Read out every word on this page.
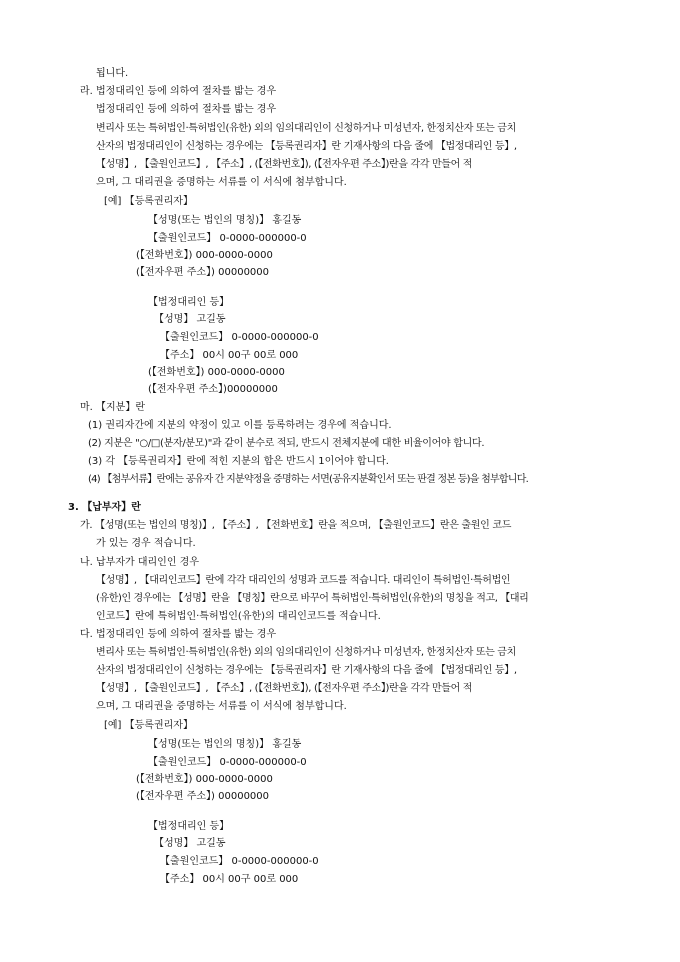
됩니다.
라. 법정대리인 등에 의하여 절차를 밟는 경우
법정대리인 등에 의하여 절차를 밟는 경우
변리사 또는 특허법인·특허법인(유한) 외의 임의대리인이 신청하거나 미성년자, 한정치산자 또는 금치
산자의 법정대리인이 신청하는 경우에는 【등록권리자】란 기재사항의 다음 줄에 【법정대리인 등】,
【성명】, 【출원인코드】, 【주소】, (【전화번호】), (【전자우편 주소】)란을 각각 만들어 적
으며, 그 대리권을 증명하는 서류를 이 서식에 첨부합니다.
[예] 【등록권리자】
【성명(또는 법인의 명칭)】 홍길동
【출원인코드】 0-0000-000000-0
(【전화번호】) 000-0000-0000
(【전자우편 주소】) 00000000
【법정대리인 등】
【성명】 고길동
【출원인코드】 0-0000-000000-0
【주소】 00시 00구 00로 000
(【전화번호】) 000-0000-0000
(【전자우편 주소】)00000000
마. 【지분】란
(1) 권리자간에 지분의 약정이 있고 이를 등록하려는 경우에 적습니다.
(2) 지분은 "○/□(분자/분모)"과 같이 분수로 적되, 반드시 전체지분에 대한 비율이어야 합니다.
(3) 각 【등록권리자】란에 적힌 지분의 합은 반드시 1이어야 합니다.
(4) 【첨부서류】란에는 공유자 간 지분약정을 증명하는 서면(공유지분확인서 또는 판결 정본 등)을 첨부합니다.
3. 【납부자】란
가. 【성명(또는 법인의 명칭)】, 【주소】, 【전화번호】란을 적으며, 【출원인코드】란은 출원인 코드
가 있는 경우 적습니다.
나. 납부자가 대리인인 경우
【성명】, 【대리인코드】란에 각각 대리인의 성명과 코드를 적습니다. 대리인이 특허법인·특허법인
(유한)인 경우에는 【성명】란을 【명칭】란으로 바꾸어 특허법인·특허법인(유한)의 명칭을 적고, 【대리
인코드】란에 특허법인·특허법인(유한)의 대리인코드를 적습니다.
다. 법정대리인 등에 의하여 절차를 밟는 경우
변리사 또는 특허법인·특허법인(유한) 외의 임의대리인이 신청하거나 미성년자, 한정치산자 또는 금치
산자의 법정대리인이 신청하는 경우에는 【등록권리자】란 기재사항의 다음 줄에 【법정대리인 등】,
【성명】, 【출원인코드】, 【주소】, (【전화번호】), (【전자우편 주소】)란을 각각 만들어 적
으며, 그 대리권을 증명하는 서류를 이 서식에 첨부합니다.
[예] 【등록권리자】
【성명(또는 법인의 명칭)】 홍길동
【출원인코드】 0-0000-000000-0
(【전화번호】) 000-0000-0000
(【전자우편 주소】) 00000000
【법정대리인 등】
【성명】 고길동
【출원인코드】 0-0000-000000-0
【주소】 00시 00구 00로 000
